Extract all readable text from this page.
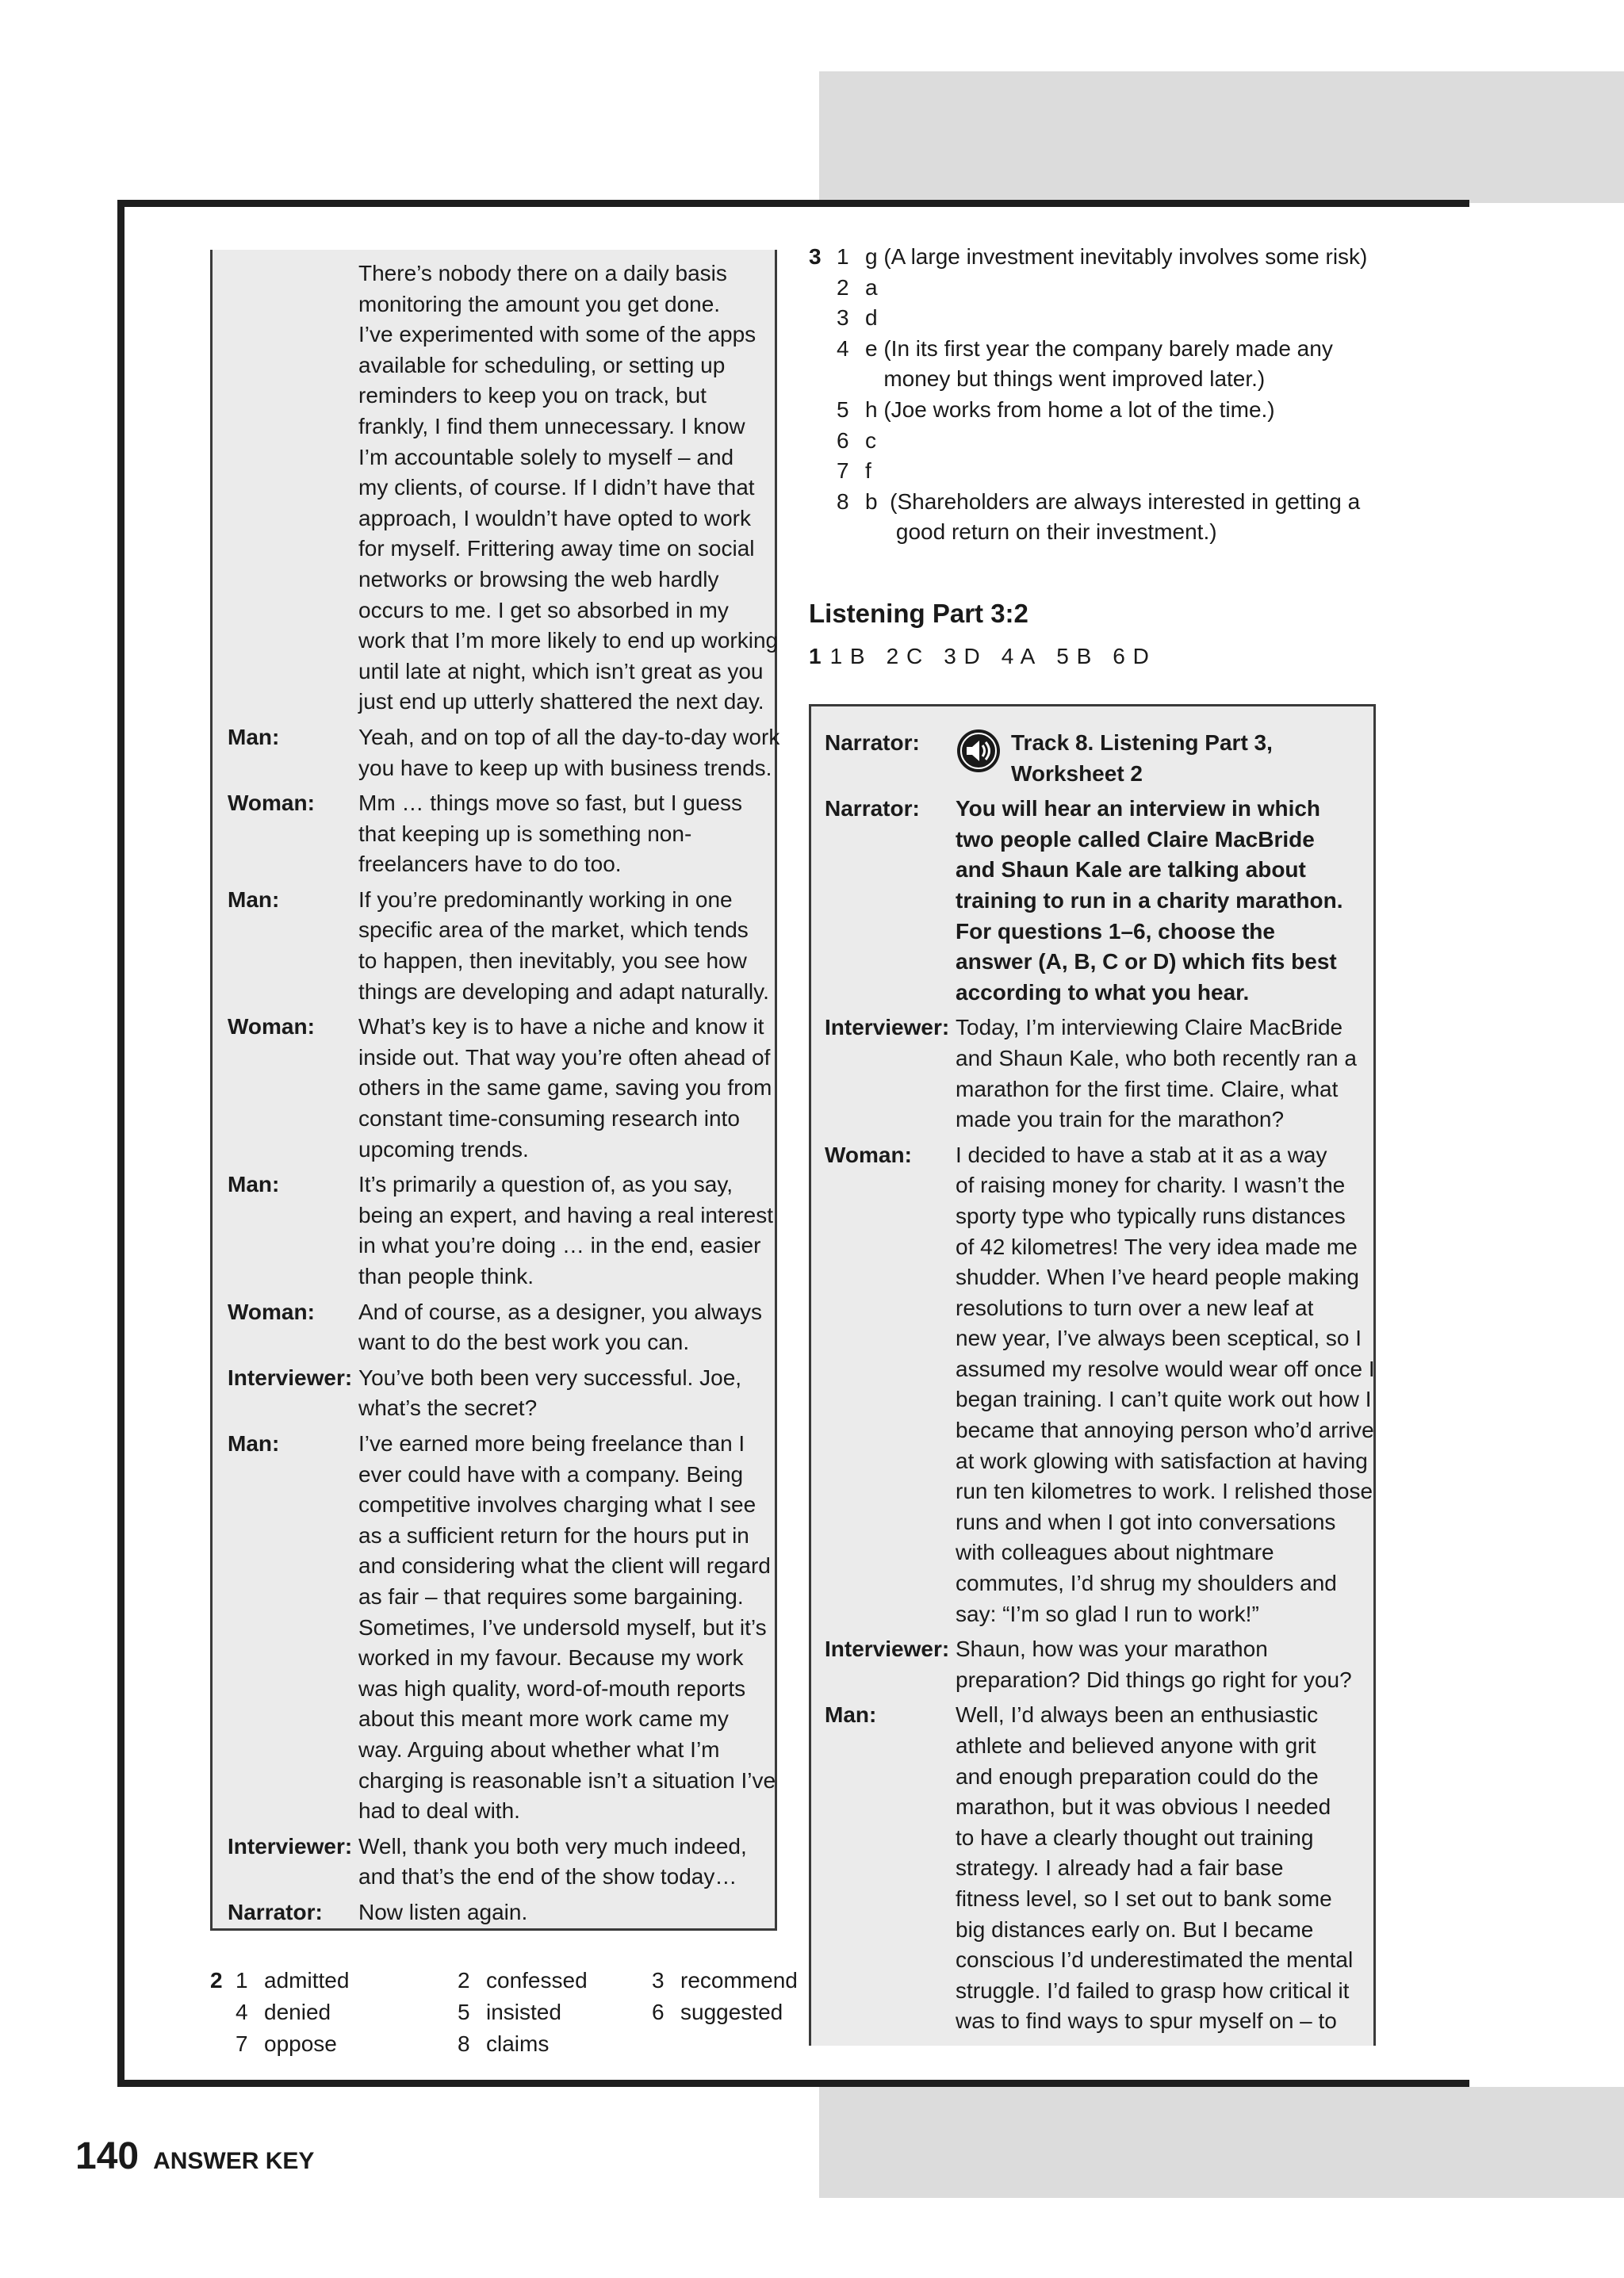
There’s nobody there on a daily basis
monitoring the amount you get done.
I’ve experimented with some of the apps
available for scheduling, or setting up
reminders to keep you on track, but
frankly, I find them unnecessary. I know
I’m accountable solely to myself – and
my clients, of course. If I didn’t have that
approach, I wouldn’t have opted to work
for myself. Frittering away time on social
networks or browsing the web hardly
occurs to me. I get so absorbed in my
work that I’m more likely to end up working
until late at night, which isn’t great as you
just end up utterly shattered the next day.
Man:	Yeah, and on top of all the day-to-day work
you have to keep up with business trends.
Woman:	Mm … things move so fast, but I guess
that keeping up is something non-
freelancers have to do too.
Man:	If you’re predominantly working in one
specific area of the market, which tends
to happen, then inevitably, you see how
things are developing and adapt naturally.
Woman:	What’s key is to have a niche and know it
inside out. That way you’re often ahead of
others in the same game, saving you from
constant time-consuming research into
upcoming trends.
Man:	It’s primarily a question of, as you say,
being an expert, and having a real interest
in what you’re doing … in the end, easier
than people think.
Woman:	And of course, as a designer, you always
want to do the best work you can.
Interviewer: You’ve both been very successful. Joe,
what’s the secret?
Man:	I’ve earned more being freelance than I
ever could have with a company. Being
competitive involves charging what I see
as a sufficient return for the hours put in
and considering what the client will regard
as fair – that requires some bargaining.
Sometimes, I’ve undersold myself, but it’s
worked in my favour. Because my work
was high quality, word-of-mouth reports
about this meant more work came my
way. Arguing about whether what I’m
charging is reasonable isn’t a situation I’ve
had to deal with.
Interviewer: Well, thank you both very much indeed,
and that’s the end of the show today…
Narrator:	Now listen again.
3 1 g (A large investment inevitably involves some risk)
2 a
3 d
4 e (In its first year the company barely made any
money but things went improved later.)
5 h (Joe works from home a lot of the time.)
6 c
7 f
8 b  (Shareholders are always interested in getting a
good return on their investment.)
Listening Part 3:2
1 1 B 2 C 3 D 4 A 5 B 6 D
Narrator:	Track 8. Listening Part 3,
Worksheet 2
Narrator:	You will hear an interview in which
two people called Claire MacBride
and Shaun Kale are talking about
training to run in a charity marathon.
For questions 1–6, choose the
answer (A, B, C or D) which fits best
according to what you hear.
Interviewer: Today, I’m interviewing Claire MacBride
and Shaun Kale, who both recently ran a
marathon for the first time. Claire, what
made you train for the marathon?
Woman:	I decided to have a stab at it as a way
of raising money for charity. I wasn’t the
sporty type who typically runs distances
of 42 kilometres! The very idea made me
shudder. When I’ve heard people making
resolutions to turn over a new leaf at
new year, I’ve always been sceptical, so I
assumed my resolve would wear off once I
began training. I can’t quite work out how I
became that annoying person who’d arrive
at work glowing with satisfaction at having
run ten kilometres to work. I relished those
runs and when I got into conversations
with colleagues about nightmare
commutes, I’d shrug my shoulders and
say: “I’m so glad I run to work!”
Interviewer: Shaun, how was your marathon
preparation? Did things go right for you?
Man:	Well, I’d always been an enthusiastic
athlete and believed anyone with grit
and enough preparation could do the
marathon, but it was obvious I needed
to have a clearly thought out training
strategy. I already had a fair base
fitness level, so I set out to bank some
big distances early on. But I became
conscious I’d underestimated the mental
struggle. I’d failed to grasp how critical it
was to find ways to spur myself on – to
2 1 admitted	2 confessed	3 recommend
4 denied	5 insisted	6 suggested
7 oppose	8 claims
140 ANSWER KEY
